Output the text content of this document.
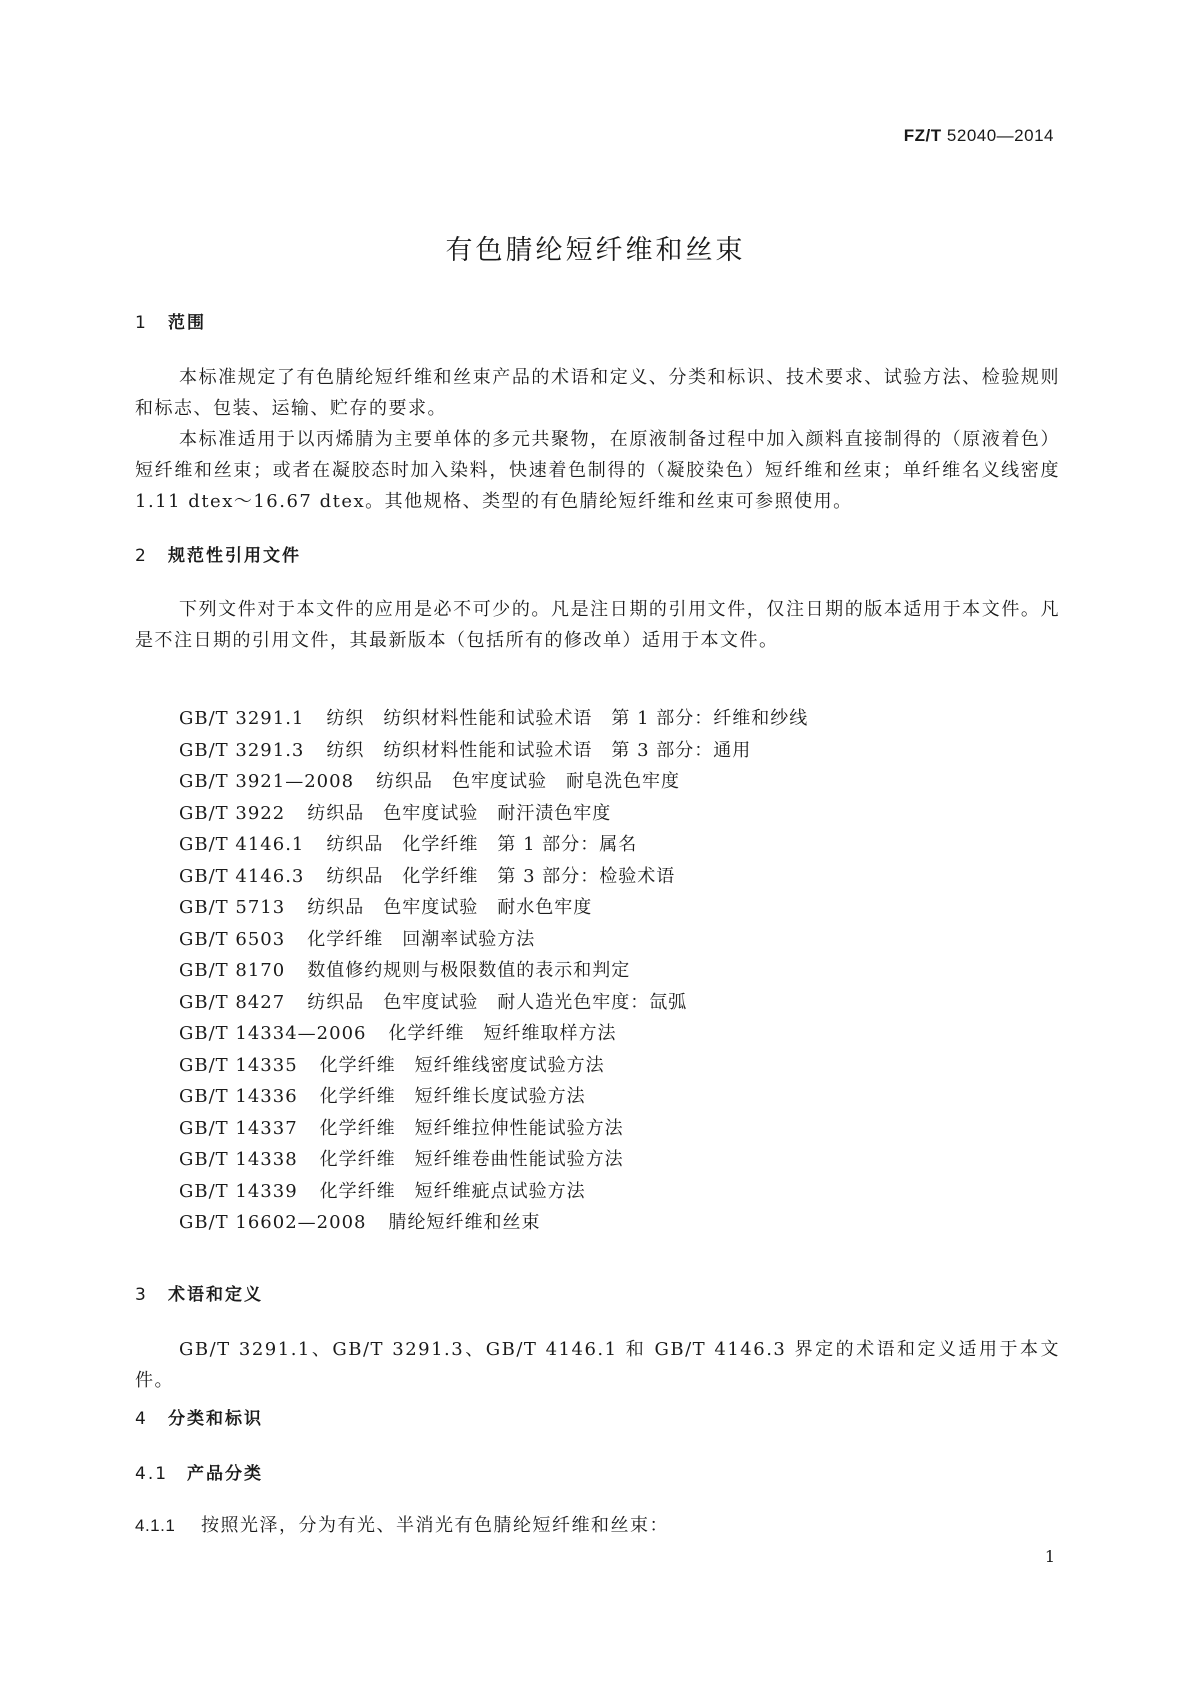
FZ/T 52040—2014
有色腈纶短纤维和丝束
1 范围

本标准规定了有色腈纶短纤维和丝束产品的术语和定义、分类和标识、技术要求、试验方法、检验规则和标志、包装、运输、贮存的要求。

本标准适用于以丙烯腈为主要单体的多元共聚物，在原液制备过程中加入颜料直接制得的（原液着色）短纤维和丝束；或者在凝胶态时加入染料，快速着色制得的（凝胶染色）短纤维和丝束；单纤维名义线密度 1.11 dtex～16.67 dtex。其他规格、类型的有色腈纶短纤维和丝束可参照使用。

2 规范性引用文件

下列文件对于本文件的应用是必不可少的。凡是注日期的引用文件，仅注日期的版本适用于本文件。凡是不注日期的引用文件，其最新版本（包括所有的修改单）适用于本文件。

GB/T 3291.1 纺织　纺织材料性能和试验术语　第 1 部分：纤维和纱线
GB/T 3291.3 纺织　纺织材料性能和试验术语　第 3 部分：通用
GB/T 3921—2008 纺织品　色牢度试验　耐皂洗色牢度
GB/T 3922 纺织品　色牢度试验　耐汗渍色牢度
GB/T 4146.1 纺织品　化学纤维　第 1 部分：属名
GB/T 4146.3 纺织品　化学纤维　第 3 部分：检验术语
GB/T 5713 纺织品　色牢度试验　耐水色牢度
GB/T 6503 化学纤维　回潮率试验方法
GB/T 8170 数值修约规则与极限数值的表示和判定
GB/T 8427 纺织品　色牢度试验　耐人造光色牢度：氙弧
GB/T 14334—2006 化学纤维　短纤维取样方法
GB/T 14335 化学纤维　短纤维线密度试验方法
GB/T 14336 化学纤维　短纤维长度试验方法
GB/T 14337 化学纤维　短纤维拉伸性能试验方法
GB/T 14338 化学纤维　短纤维卷曲性能试验方法
GB/T 14339 化学纤维　短纤维疵点试验方法
GB/T 16602—2008 腈纶短纤维和丝束
3 术语和定义

GB/T 3291.1、GB/T 3291.3、GB/T 4146.1 和 GB/T 4146.3 界定的术语和定义适用于本文件。

4 分类和标识
4.1 产品分类
4.1.1 按照光泽，分为有光、半消光有色腈纶短纤维和丝束：
1
